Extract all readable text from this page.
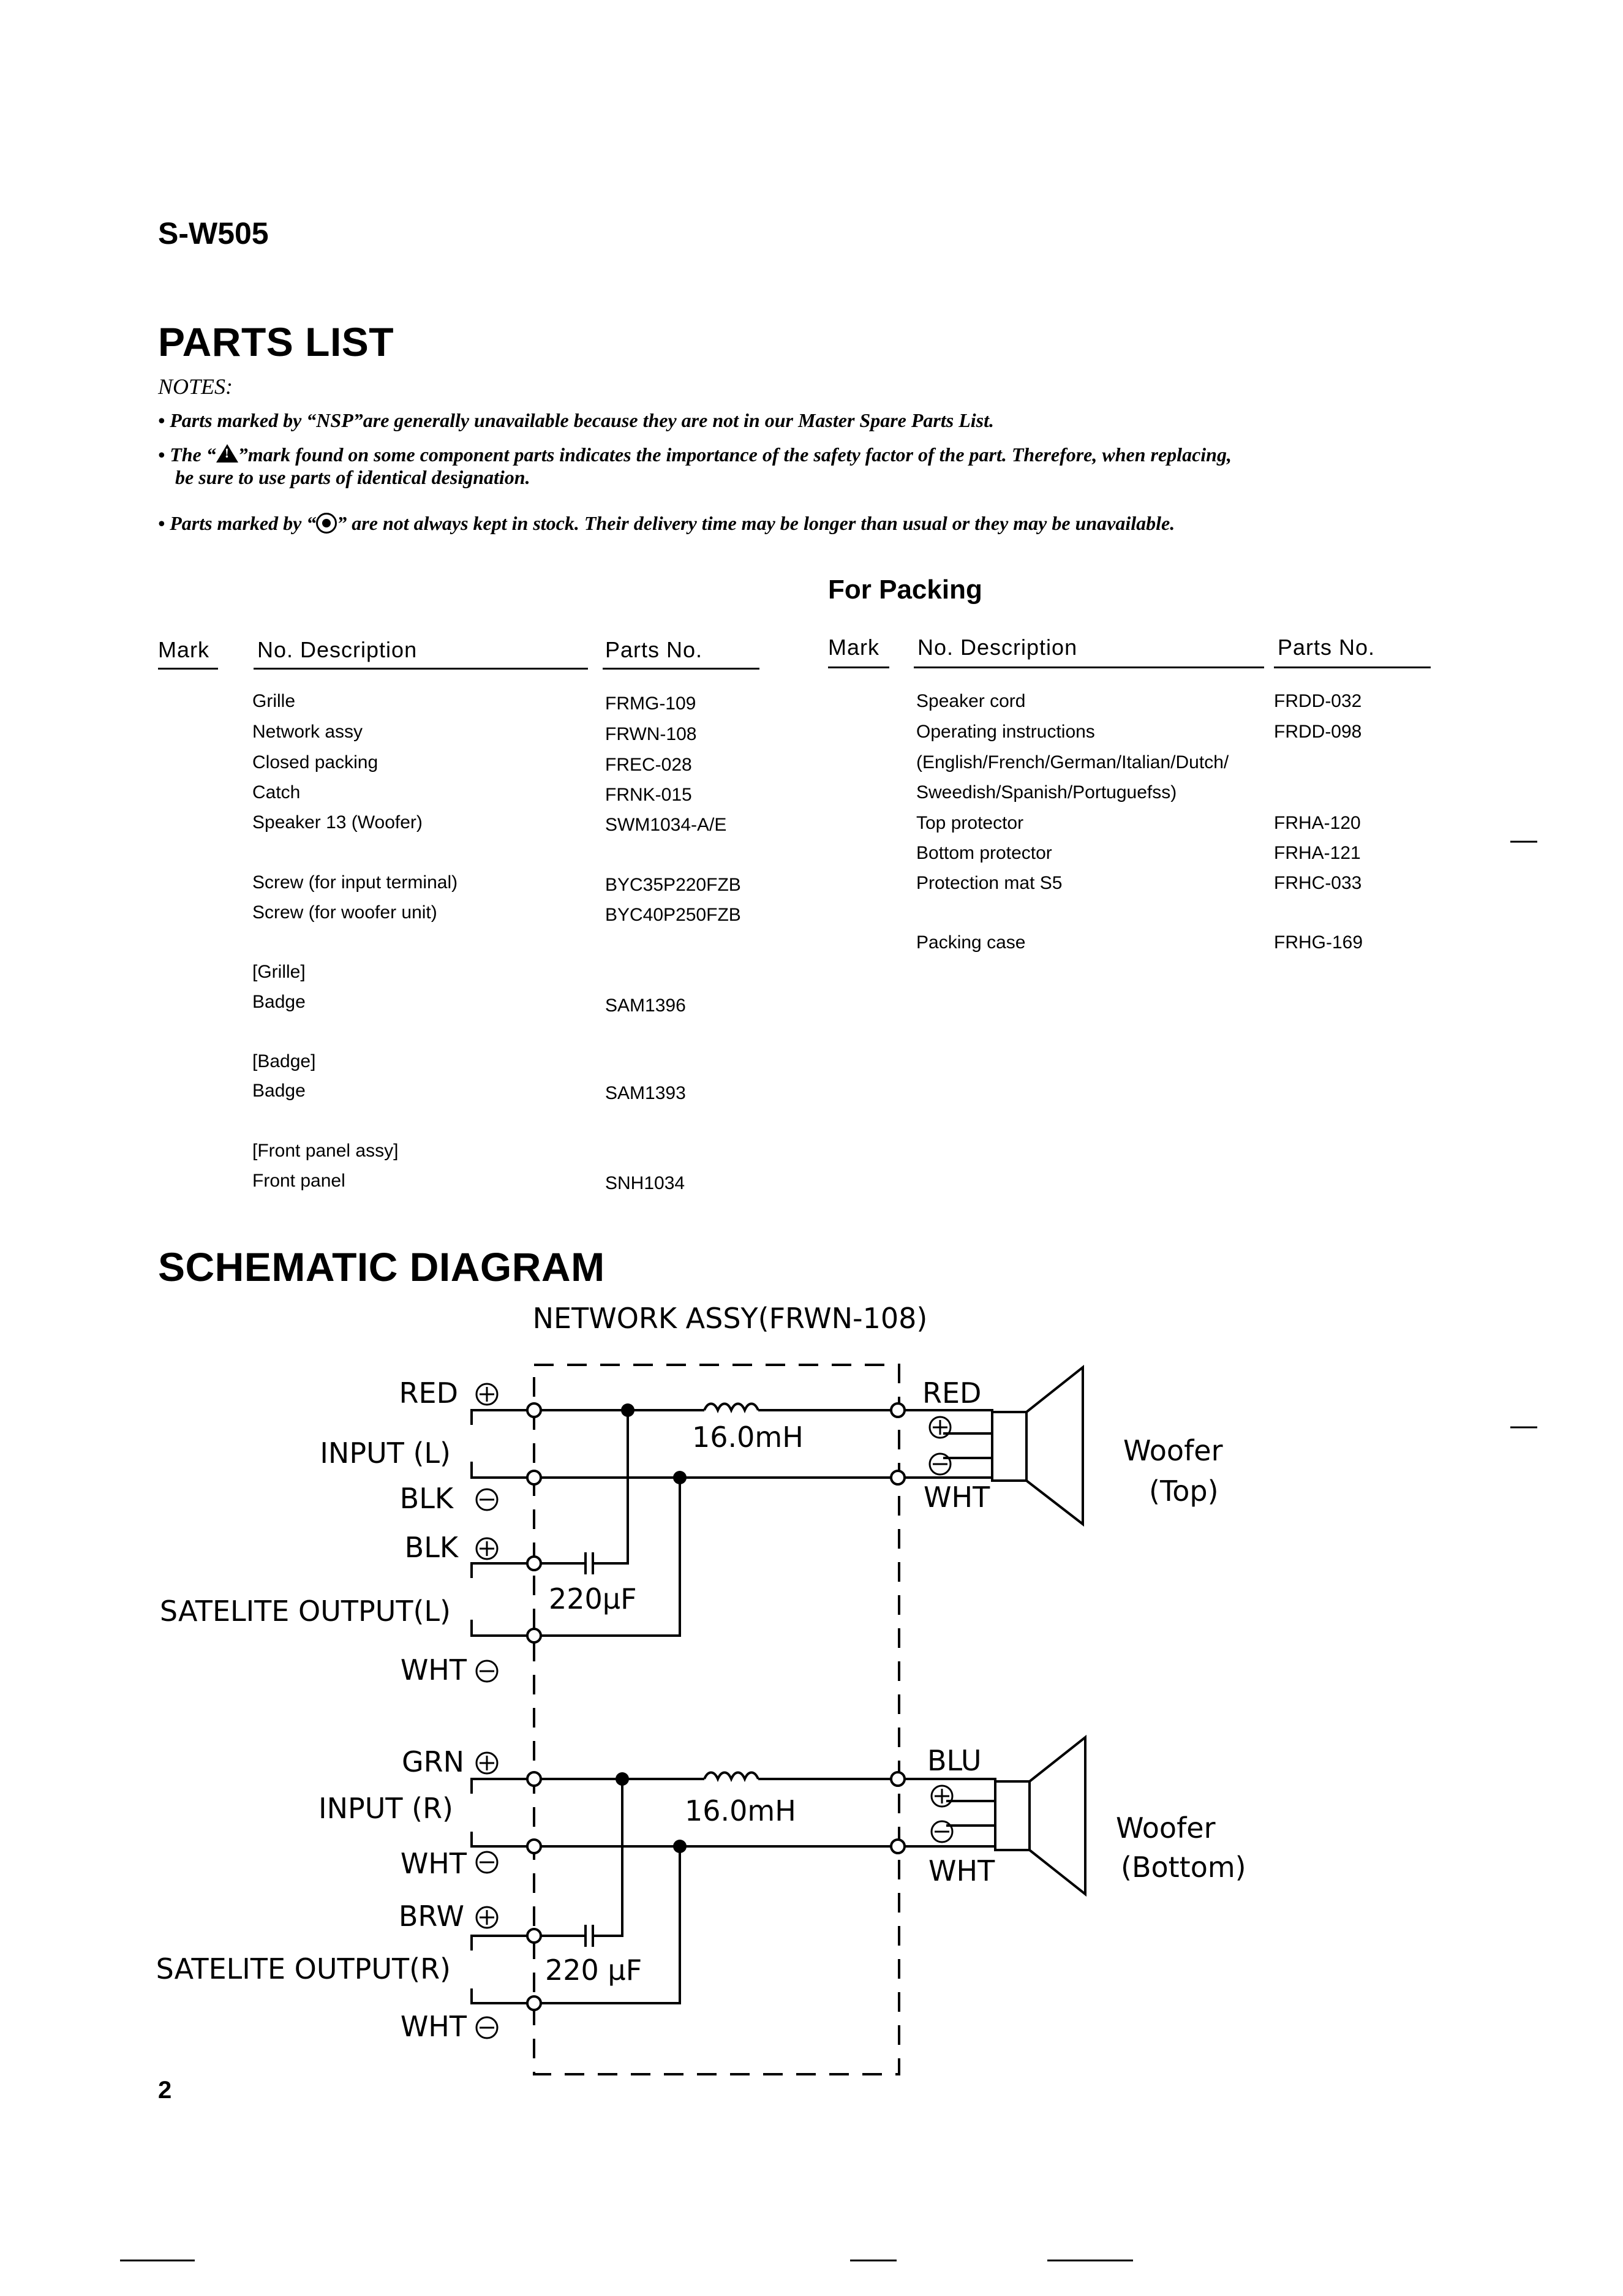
S-W505
PARTS LIST
NOTES:
• Parts marked by “NSP”are generally unavailable because they are not in our Master Spare Parts List.
• The “! ”mark found on some component parts indicates the importance of the safety factor of the part. Therefore, when replacing,
be sure to use parts of identical designation.
• Parts marked by “ ” are not always kept in stock. Their delivery time may be longer than usual or they may be unavailable.
For Packing
Mark No. Description	Parts No.	Mark No. Description	Parts No.
Grille	FRMG-109
Network assy	FRWN-108
Closed packing	FREC-028
Catch	FRNK-015
Speaker 13 (Woofer)	SWM1034-A/E
Screw (for input terminal)	BYC35P220FZB
Screw (for woofer unit)	BYC40P250FZB
[Grille]
Badge	SAM1396
[Badge]
Badge	SAM1393
[Front panel assy]
Front panel	SNH1034
Speaker cord	FRDD-032
Operating instructions	FRDD-098
(English/French/German/Italian/Dutch/
Sweedish/Spanish/Portuguefss)
Top protector	FRHA-120
Bottom protector	FRHA-121
Protection mat S5	FRHC-033
Packing case	FRHG-169
SCHEMATIC DIAGRAM
NETWORK ASSY(FRWN-108)
RED
INPUT (L)
BLK
BLK
SATELITE OUTPUT(L)
WHT
220µF
16.0mH
RED
WHT
Woofer
(Top)
GRN
INPUT (R)
WHT
BRW
SATELITE OUTPUT(R)
WHT
220 µF
16.0mH
BLU
WHT
Woofer
(Bottom)
2
